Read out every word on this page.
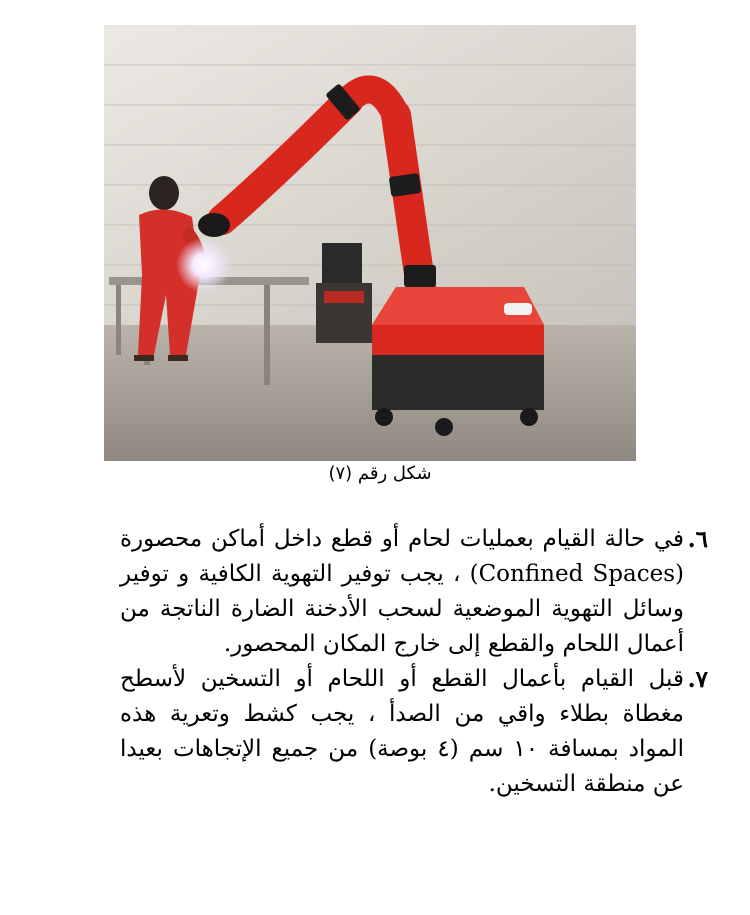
شكل رقم (٧)
٦.
في حالة القيام بعمليات لحام أو قطع داخل أماكن محصورة (Confined Spaces) ، يجب توفير التهوية الكافية و توفير وسائل التهوية الموضعية لسحب الأدخنة الضارة الناتجة من أعمال اللحام والقطع إلى خارج المكان المحصور.
٧.
قبل القيام بأعمال القطع أو اللحام أو التسخين لأسطح مغطاة بطلاء واقي من الصدأ ، يجب كشط وتعرية هذه المواد بمسافة ١٠ سم (٤ بوصة) من جميع الإتجاهات بعيدا عن منطقة التسخين.
